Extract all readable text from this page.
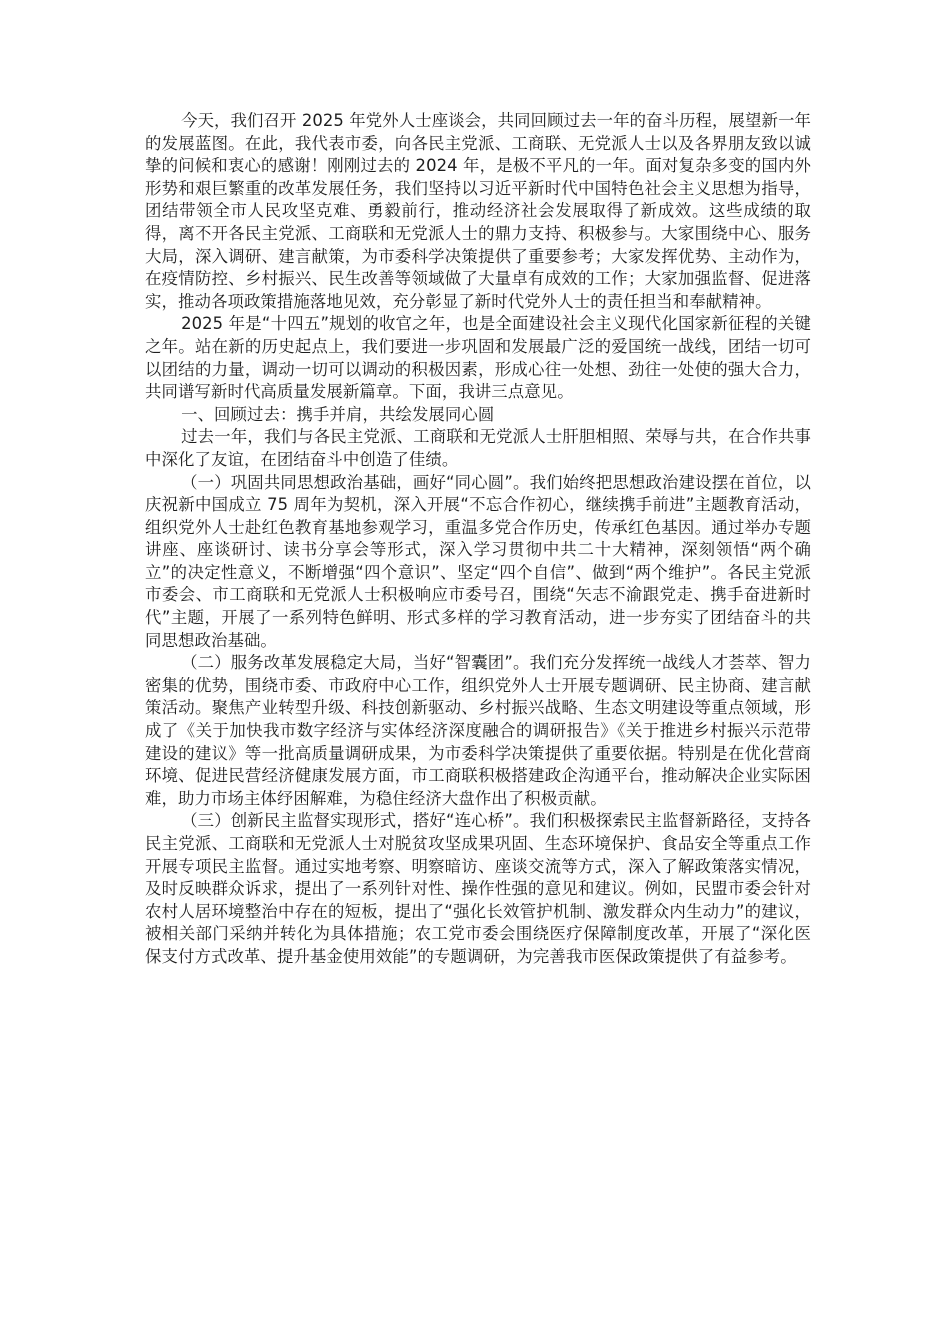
今天，我们召开 2025 年党外人士座谈会，共同回顾过去一年的奋斗历程，展望新一年的发展蓝图。在此，我代表市委，向各民主党派、工商联、无党派人士以及各界朋友致以诚挚的问候和衷心的感谢！刚刚过去的 2024 年，是极不平凡的一年。面对复杂多变的国内外形势和艰巨繁重的改革发展任务，我们坚持以习近平新时代中国特色社会主义思想为指导，团结带领全市人民攻坚克难、勇毅前行，推动经济社会发展取得了新成效。这些成绩的取得，离不开各民主党派、工商联和无党派人士的鼎力支持、积极参与。大家围绕中心、服务大局，深入调研、建言献策，为市委科学决策提供了重要参考；大家发挥优势、主动作为，在疫情防控、乡村振兴、民生改善等领域做了大量卓有成效的工作；大家加强监督、促进落实，推动各项政策措施落地见效，充分彰显了新时代党外人士的责任担当和奉献精神。

2025 年是“十四五”规划的收官之年，也是全面建设社会主义现代化国家新征程的关键之年。站在新的历史起点上，我们要进一步巩固和发展最广泛的爱国统一战线，团结一切可以团结的力量，调动一切可以调动的积极因素，形成心往一处想、劲往一处使的强大合力，共同谱写新时代高质量发展新篇章。下面，我讲三点意见。

一、回顾过去：携手并肩，共绘发展同心圆

过去一年，我们与各民主党派、工商联和无党派人士肝胆相照、荣辱与共，在合作共事中深化了友谊，在团结奋斗中创造了佳绩。

（一）巩固共同思想政治基础，画好“同心圆”。我们始终把思想政治建设摆在首位，以庆祝新中国成立 75 周年为契机，深入开展“不忘合作初心，继续携手前进”主题教育活动，组织党外人士赴红色教育基地参观学习，重温多党合作历史，传承红色基因。通过举办专题讲座、座谈研讨、读书分享会等形式，深入学习贯彻中共二十大精神，深刻领悟“两个确立”的决定性意义，不断增强“四个意识”、坚定“四个自信”、做到“两个维护”。各民主党派市委会、市工商联和无党派人士积极响应市委号召，围绕“矢志不渝跟党走、携手奋进新时代”主题，开展了一系列特色鲜明、形式多样的学习教育活动，进一步夯实了团结奋斗的共同思想政治基础。

（二）服务改革发展稳定大局，当好“智囊团”。我们充分发挥统一战线人才荟萃、智力密集的优势，围绕市委、市政府中心工作，组织党外人士开展专题调研、民主协商、建言献策活动。聚焦产业转型升级、科技创新驱动、乡村振兴战略、生态文明建设等重点领域，形成了《关于加快我市数字经济与实体经济深度融合的调研报告》《关于推进乡村振兴示范带建设的建议》等一批高质量调研成果，为市委科学决策提供了重要依据。特别是在优化营商环境、促进民营经济健康发展方面，市工商联积极搭建政企沟通平台，推动解决企业实际困难，助力市场主体纾困解难，为稳住经济大盘作出了积极贡献。

（三）创新民主监督实现形式，搭好“连心桥”。我们积极探索民主监督新路径，支持各民主党派、工商联和无党派人士对脱贫攻坚成果巩固、生态环境保护、食品安全等重点工作开展专项民主监督。通过实地考察、明察暗访、座谈交流等方式，深入了解政策落实情况，及时反映群众诉求，提出了一系列针对性、操作性强的意见和建议。例如，民盟市委会针对农村人居环境整治中存在的短板，提出了“强化长效管护机制、激发群众内生动力”的建议，被相关部门采纳并转化为具体措施；农工党市委会围绕医疗保障制度改革，开展了“深化医保支付方式改革、提升基金使用效能”的专题调研，为完善我市医保政策提供了有益参考。
